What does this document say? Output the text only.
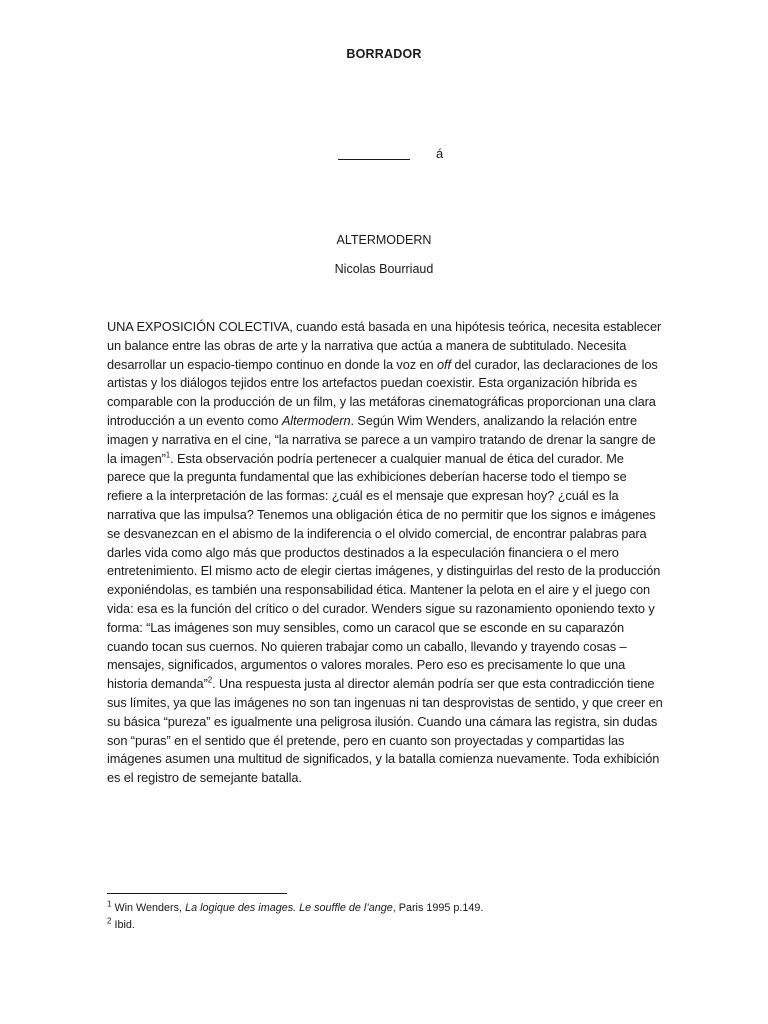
BORRADOR
á
ALTERMODERN
Nicolas Bourriaud

UNA EXPOSICIÓN COLECTIVA, cuando está basada en una hipótesis teórica, necesita establecer un balance entre las obras de arte y la narrativa que actúa a manera de subtitulado. Necesita desarrollar un espacio-tiempo continuo en donde la voz en off del curador, las declaraciones de los artistas y los diálogos tejidos entre los artefactos puedan coexistir. Esta organización híbrida es comparable con la producción de un film, y las metáforas cinematográficas proporcionan una clara introducción a un evento como Altermodern. Según Wim Wenders, analizando la relación entre imagen y narrativa en el cine, “la narrativa se parece a un vampiro tratando de drenar la sangre de la imagen”$^1$. Esta observación podría pertenecer a cualquier manual de ética del curador. Me parece que la pregunta fundamental que las exhibiciones deberían hacerse todo el tiempo se refiere a la interpretación de las formas: ¿cuál es el mensaje que expresan hoy? ¿cuál es la narrativa que las impulsa? Tenemos una obligación ética de no permitir que los signos e imágenes se desvanezcan en el abismo de la indiferencia o el olvido comercial, de encontrar palabras para darles vida como algo más que productos destinados a la especulación financiera o el mero entretenimiento. El mismo acto de elegir ciertas imágenes, y distinguirlas del resto de la producción exponiéndolas, es también una responsabilidad ética. Mantener la pelota en el aire y el juego con vida: esa es la función del crítico o del curador. Wenders sigue su razonamiento oponiendo texto y forma: “Las imágenes son muy sensibles, como un caracol que se esconde en su caparazón cuando tocan sus cuernos. No quieren trabajar como un caballo, llevando y trayendo cosas –mensajes, significados, argumentos o valores morales. Pero eso es precisamente lo que una historia demanda”$^2$. Una respuesta justa al director alemán podría ser que esta contradicción tiene sus límites, ya que las imágenes no son tan ingenuas ni tan desprovistas de sentido, y que creer en su básica “pureza” es igualmente una peligrosa ilusión. Cuando una cámara las registra, sin dudas son “puras” en el sentido que él pretende, pero en cuanto son proyectadas y compartidas las imágenes asumen una multitud de significados, y la batalla comienza nuevamente. Toda exhibición es el registro de semejante batalla.

$^1$ Win Wenders, La logique des images. Le souffle de l’ange, Paris 1995 p.149.
$^2$ Ibid.
